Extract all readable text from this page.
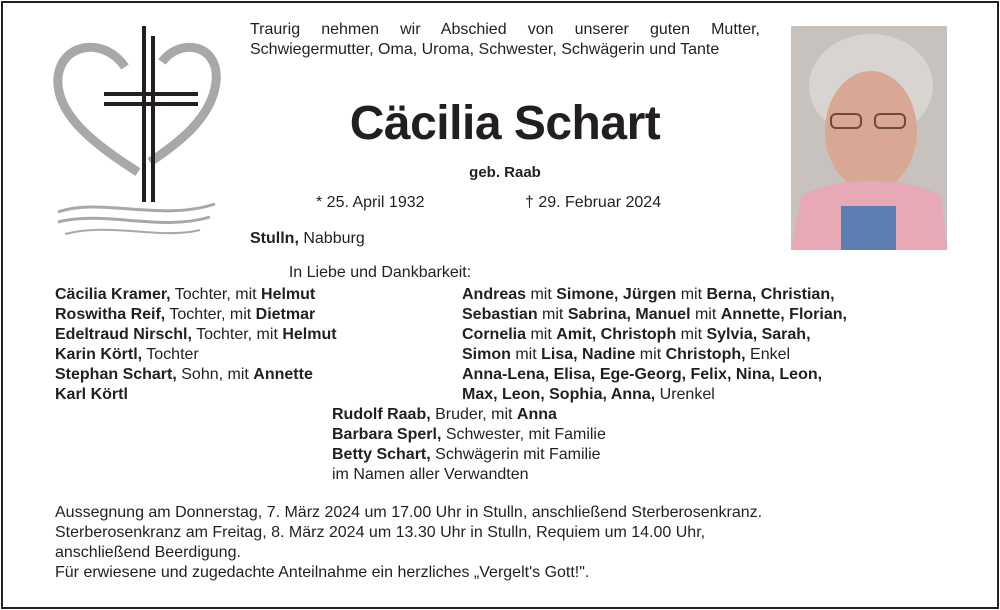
Traurig nehmen wir Abschied von unserer guten Mutter, Schwiegermutter, Oma, Uroma, Schwester, Schwägerin und Tante
Cäcilia Schart
geb. Raab
* 25. April 1932	† 29. Februar 2024
Stulln, Nabburg
In Liebe und Dankbarkeit:
Cäcilia Kramer, Tochter, mit Helmut
Roswitha Reif, Tochter, mit Dietmar
Edeltraud Nirschl, Tochter, mit Helmut
Karin Körtl, Tochter
Stephan Schart, Sohn, mit Annette
Karl Körtl
Andreas mit Simone, Jürgen mit Berna, Christian,
Sebastian mit Sabrina, Manuel mit Annette, Florian,
Cornelia mit Amit, Christoph mit Sylvia, Sarah,
Simon mit Lisa, Nadine mit Christoph, Enkel
Anna-Lena, Elisa, Ege-Georg, Felix, Nina, Leon,
Max, Leon, Sophia, Anna, Urenkel
Rudolf Raab, Bruder, mit Anna
Barbara Sperl, Schwester, mit Familie
Betty Schart, Schwägerin mit Familie
im Namen aller Verwandten
Aussegnung am Donnerstag, 7. März 2024 um 17.00 Uhr in Stulln, anschließend Sterberosenkranz.
Sterberosenkranz am Freitag, 8. März 2024 um 13.30 Uhr in Stulln, Requiem um 14.00 Uhr,
anschließend Beerdigung.
Für erwiesene und zugedachte Anteilnahme ein herzliches „Vergelt's Gott!".
